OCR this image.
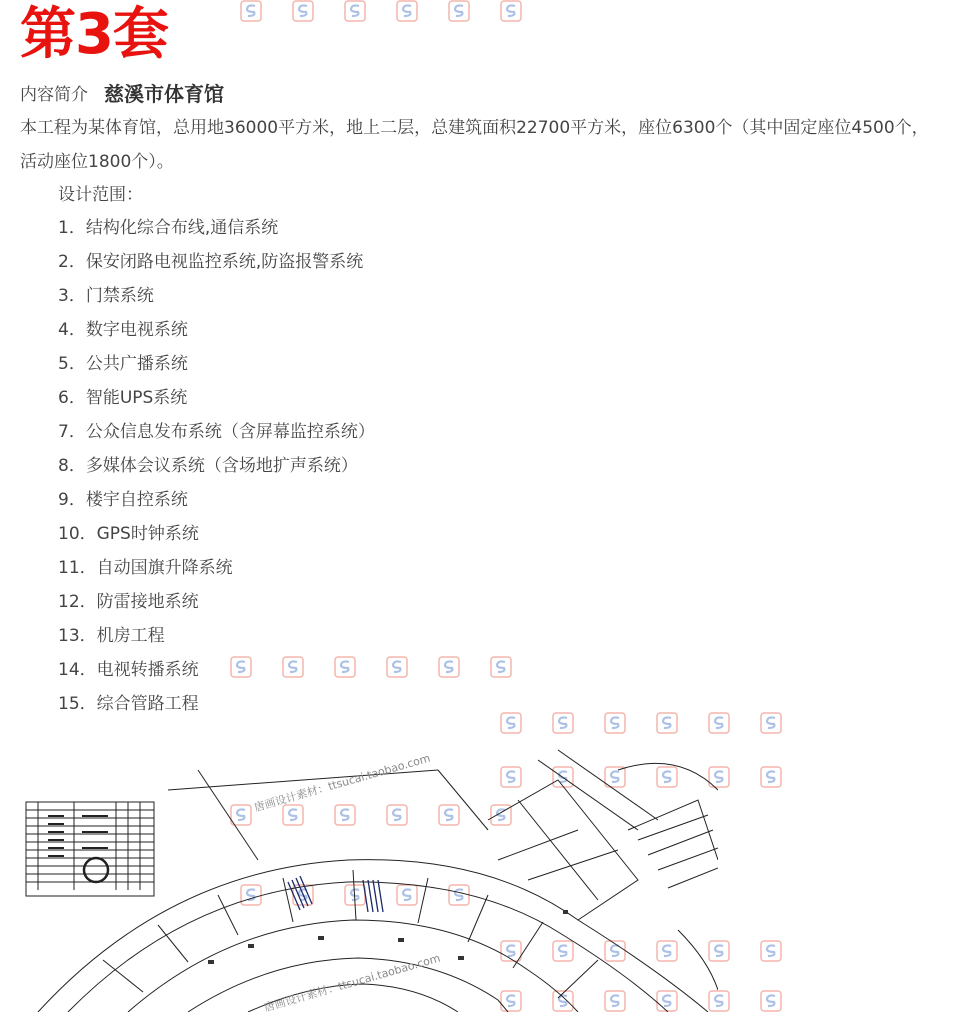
第3套
内容简介 慈溪市体育馆

本工程为某体育馆，总用地36000平方米，地上二层，总建筑面积22700平方米，座位6300个（其中固定座位4500个，活动座位1800个）。

设计范围：
1．结构化综合布线,通信系统
2．保安闭路电视监控系统,防盗报警系统
3．门禁系统
4．数字电视系统
5．公共广播系统
6．智能UPS系统
7．公众信息发布系统（含屏幕监控系统）
8．多媒体会议系统（含场地扩声系统）
9．楼宇自控系统
10．GPS时钟系统
11．自动国旗升降系统
12．防雷接地系统
13．机房工程
14．电视转播系统
15．综合管路工程
唐画设计素材：ttsucai.taobao.com
唐画设计素材：ttsucai.taobao.com
